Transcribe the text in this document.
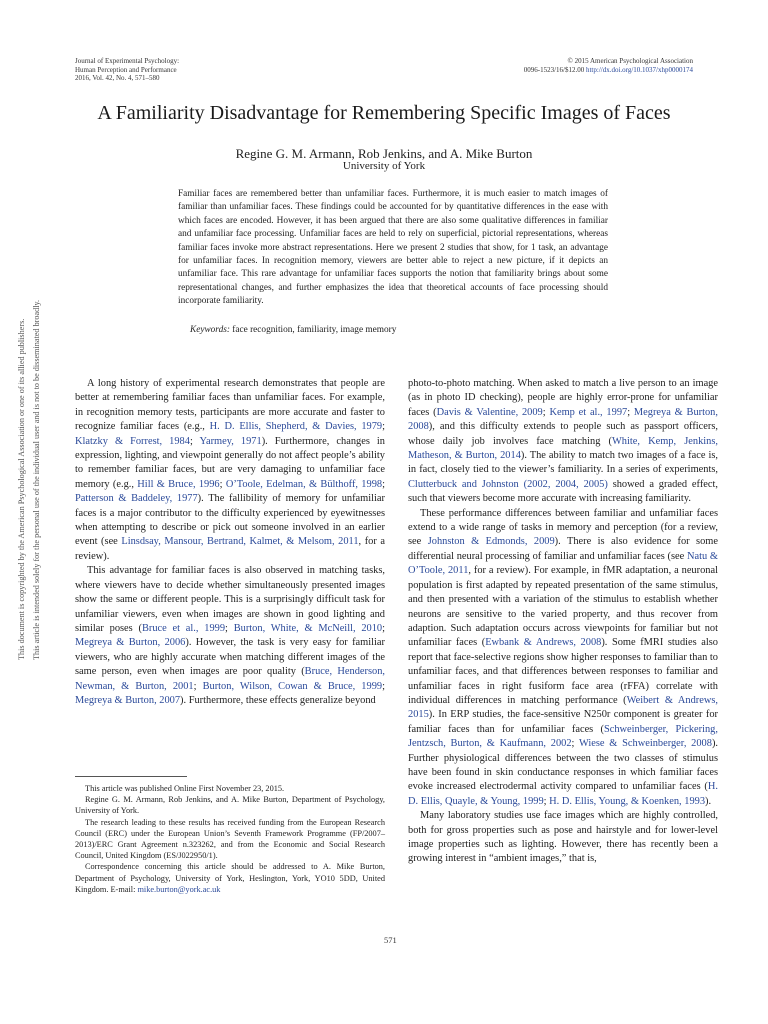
Journal of Experimental Psychology:
Human Perception and Performance
2016, Vol. 42, No. 4, 571–580
© 2015 American Psychological Association
0096-1523/16/$12.00 http://dx.doi.org/10.1037/xhp0000174
A Familiarity Disadvantage for Remembering Specific Images of Faces
Regine G. M. Armann, Rob Jenkins, and A. Mike Burton
University of York
Familiar faces are remembered better than unfamiliar faces. Furthermore, it is much easier to match images of familiar than unfamiliar faces. These findings could be accounted for by quantitative differences in the ease with which faces are encoded. However, it has been argued that there are also some qualitative differences in familiar and unfamiliar face processing. Unfamiliar faces are held to rely on superficial, pictorial representations, whereas familiar faces invoke more abstract representations. Here we present 2 studies that show, for 1 task, an advantage for unfamiliar faces. In recognition memory, viewers are better able to reject a new picture, if it depicts an unfamiliar face. This rare advantage for unfamiliar faces supports the notion that familiarity brings about some representational changes, and further emphasizes the idea that theoretical accounts of face processing should incorporate familiarity.
Keywords: face recognition, familiarity, image memory
This document is copyrighted by the American Psychological Association or one of its allied publishers. This article is intended solely for the personal use of the individual user and is not to be disseminated broadly.	A long history of experimental research demonstrates that people are better at remembering familiar faces than unfamiliar faces. For example, in recognition memory tests, participants are more accurate and faster to recognize familiar faces (e.g., H. D. Ellis, Shepherd, & Davies, 1979; Klatzky & Forrest, 1984; Yarmey, 1971). Furthermore, changes in expression, lighting, and viewpoint generally do not affect people’s ability to remember familiar faces, but are very damaging to unfamiliar face memory (e.g., Hill & Bruce, 1996; O’Toole, Edelman, & Bülthoff, 1998; Patterson & Baddeley, 1977). The fallibility of memory for unfamiliar faces is a major contributor to the difficulty experienced by eyewitnesses when attempting to describe or pick out someone involved in an earlier event (see Linsdsay, Mansour, Bertrand, Kalmet, & Melsom, 2011, for a review).

This advantage for familiar faces is also observed in matching tasks, where viewers have to decide whether simultaneously presented images show the same or different people. This is a surprisingly difficult task for unfamiliar viewers, even when images are shown in good lighting and similar poses (Bruce et al., 1999; Burton, White, & McNeill, 2010; Megreya & Burton, 2006). However, the task is very easy for familiar viewers, who are highly accurate when matching different images of the same person, even when images are poor quality (Bruce, Henderson, Newman, & Burton, 2001; Burton, Wilson, Cowan & Bruce, 1999; Megreya & Burton, 2007). Furthermore, these effects generalize beyond

photo-to-photo matching. When asked to match a live person to an image (as in photo ID checking), people are highly error-prone for unfamiliar faces (Davis & Valentine, 2009; Kemp et al., 1997; Megreya & Burton, 2008), and this difficulty extends to people such as passport officers, whose daily job involves face matching (White, Kemp, Jenkins, Matheson, & Burton, 2014). The ability to match two images of a face is, in fact, closely tied to the viewer’s familiarity. In a series of experiments, Clutterbuck and Johnston (2002, 2004, 2005) showed a graded effect, such that viewers become more accurate with increasing familiarity.

These performance differences between familiar and unfamiliar faces extend to a wide range of tasks in memory and perception (for a review, see Johnston & Edmonds, 2009). There is also evidence for some differential neural processing of familiar and unfamiliar faces (see Natu & O’Toole, 2011, for a review). For example, in fMR adaptation, a neuronal population is first adapted by repeated presentation of the same stimulus, and then presented with a variation of the stimulus to establish whether neurons are sensitive to the varied property, and thus recover from adaption. Such adaptation occurs across viewpoints for familiar but not unfamiliar faces (Ewbank & Andrews, 2008). Some fMRI studies also report that face-selective regions show higher responses to familiar than to unfamiliar faces, and that differences between responses to familiar and unfamiliar faces in right fusiform face area (rFFA) correlate with individual differences in matching performance (Weibert & Andrews, 2015). In ERP studies, the face-sensitive N250r component is greater for familiar faces than for unfamiliar faces (Schweinberger, Pickering, Jentzsch, Burton, & Kaufmann, 2002; Wiese & Schweinberger, 2008). Further physiological differences between the two classes of stimulus have been found in skin conductance responses in which familiar faces evoke increased electrodermal activity compared to unfamiliar faces (H. D. Ellis, Quayle, & Young, 1999; H. D. Ellis, Young, & Koenken, 1993).

Many laboratory studies use face images which are highly controlled, both for gross properties such as pose and hairstyle and for lower-level image properties such as lighting. However, there has recently been a growing interest in “ambient images,” that is,

This article was published Online First November 23, 2015.

Regine G. M. Armann, Rob Jenkins, and A. Mike Burton, Department of Psychology, University of York.

The research leading to these results has received funding from the European Research Council (ERC) under the European Union’s Seventh Framework Programme (FP/2007–2013)/ERC Grant Agreement n.323262, and from the Economic and Social Research Council, United Kingdom (ES/J022950/1).

Correspondence concerning this article should be addressed to A. Mike Burton, Department of Psychology, University of York, Heslington, York, YO10 5DD, United Kingdom. E-mail: mike.burton@york.ac.uk

571
